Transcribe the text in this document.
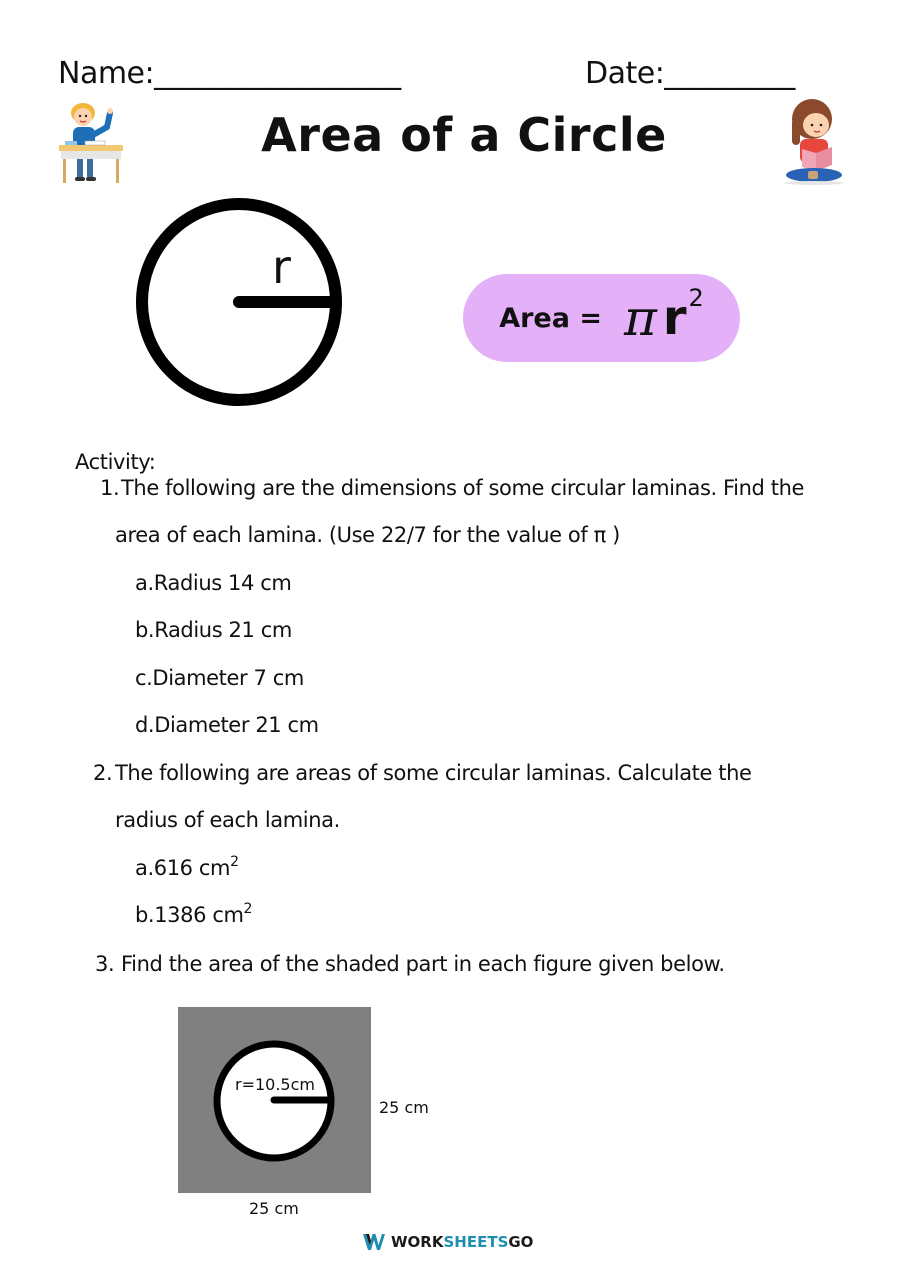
Name:_________________	Date:_________
Area of a Circle
r
Area = π r 2
Activity:
1. The following are the dimensions of some circular laminas. Find the
area of each lamina. (Use 22/7 for the value of π )
a.Radius 14 cm
b.Radius 21 cm
c.Diameter 7 cm
d.Diameter 21 cm
2. The following are areas of some circular laminas. Calculate the
radius of each lamina.
a.616 $cm^2$
b.1386 $cm^2$
3. Find the area of the shaded part in each figure given below.
r=10.5cm
25 cm
25 cm
WORKSHEETS GO
